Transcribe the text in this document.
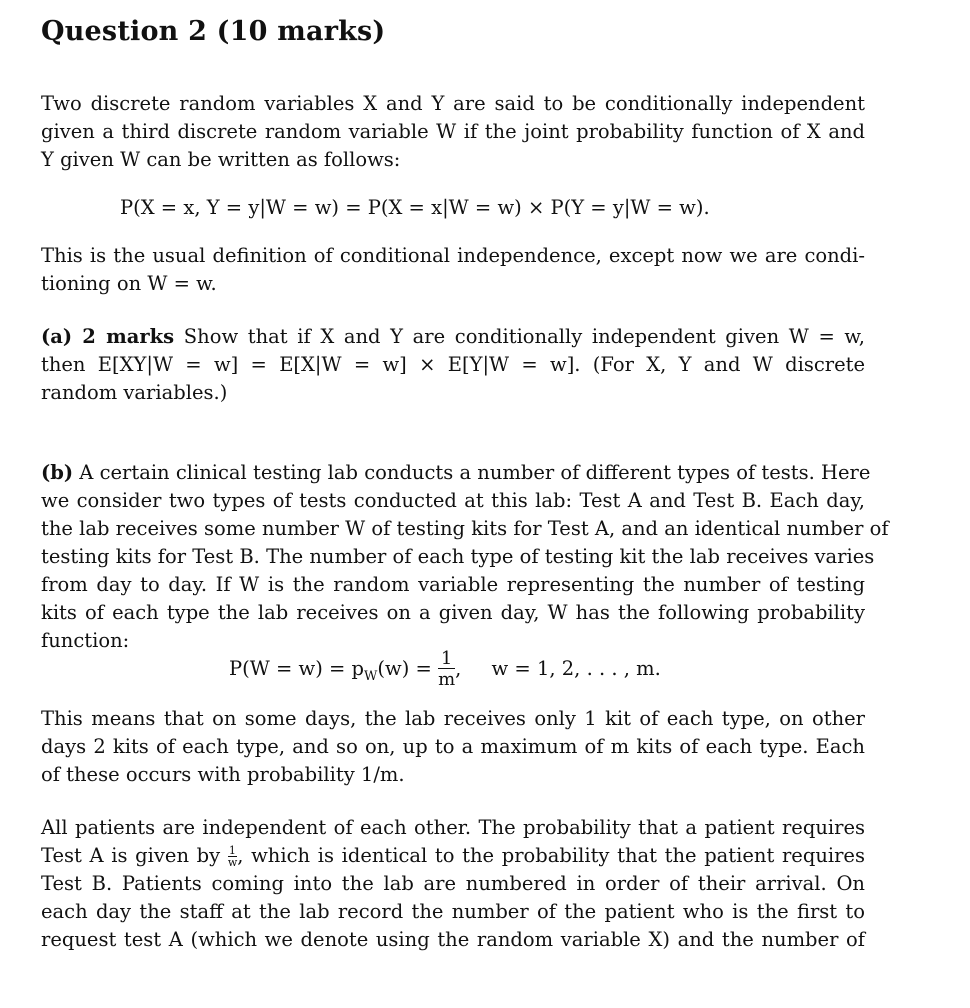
Question 2 (10 marks)

Two discrete random variables X and Y are said to be conditionally independent
given a third discrete random variable W if the joint probability function of X and
Y given W can be written as follows:

P(X = x, Y = y|W = w) = P(X = x|W = w) × P(Y = y|W = w).

This is the usual definition of conditional independence, except now we are condi-
tioning on W = w.

(a) 2 marks Show that if X and Y are conditionally independent given W = w,
then E[XY|W = w] = E[X|W = w] × E[Y|W = w]. (For X, Y and W discrete
random variables.)

(b) A certain clinical testing lab conducts a number of different types of tests. Here
we consider two types of tests conducted at this lab: Test A and Test B. Each day,
the lab receives some number W of testing kits for Test A, and an identical number of
testing kits for Test B. The number of each type of testing kit the lab receives varies
from day to day. If W is the random variable representing the number of testing
kits of each type the lab receives on a given day, W has the following probability
function:

$P(W = w) = p_W(w) = \frac{1}{m}$ , w = 1, 2, . . . , m.

This means that on some days, the lab receives only 1 kit of each type, on other
days 2 kits of each type, and so on, up to a maximum of m kits of each type. Each
of these occurs with probability 1/m.

All patients are independent of each other. The probability that a patient requires
Test A is given by $\frac{1}{w}$ , which is identical to the probability that the patient requires
Test B. Patients coming into the lab are numbered in order of their arrival. On
each day the staff at the lab record the number of the patient who is the first to
request test A (which we denote using the random variable X) and the number of
